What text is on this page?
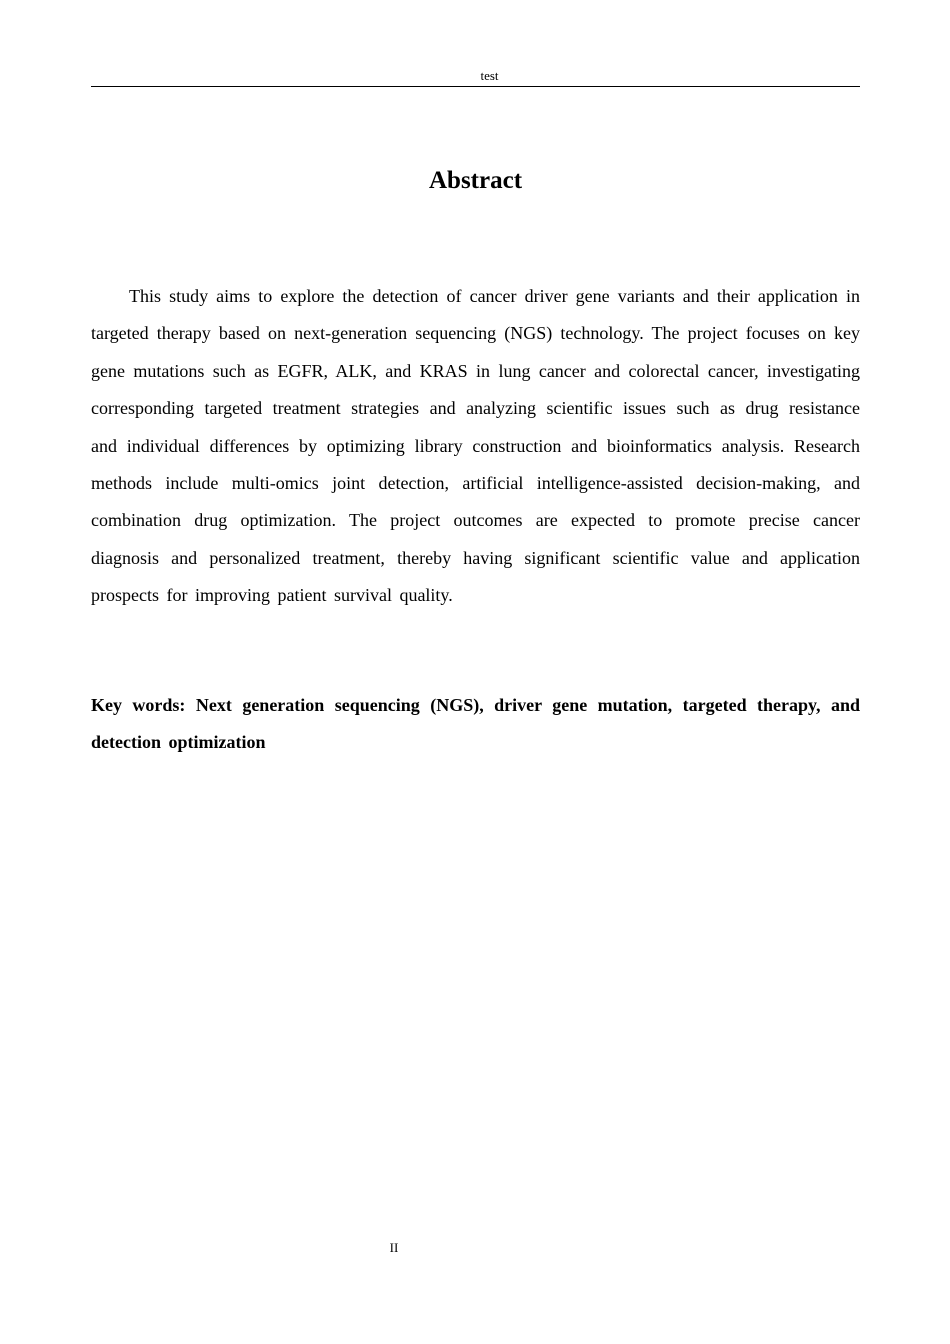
test
Abstract

This study aims to explore the detection of cancer driver gene variants and their application in targeted therapy based on next-generation sequencing (NGS) technology. The project focuses on key gene mutations such as EGFR, ALK, and KRAS in lung cancer and colorectal cancer, investigating corresponding targeted treatment strategies and analyzing scientific issues such as drug resistance and individual differences by optimizing library construction and bioinformatics analysis. Research methods include multi-omics joint detection, artificial intelligence-assisted decision-making, and combination drug optimization. The project outcomes are expected to promote precise cancer diagnosis and personalized treatment, thereby having significant scientific value and application prospects for improving patient survival quality.

Key words: Next generation sequencing (NGS), driver gene mutation, targeted therapy, and detection optimization

II
